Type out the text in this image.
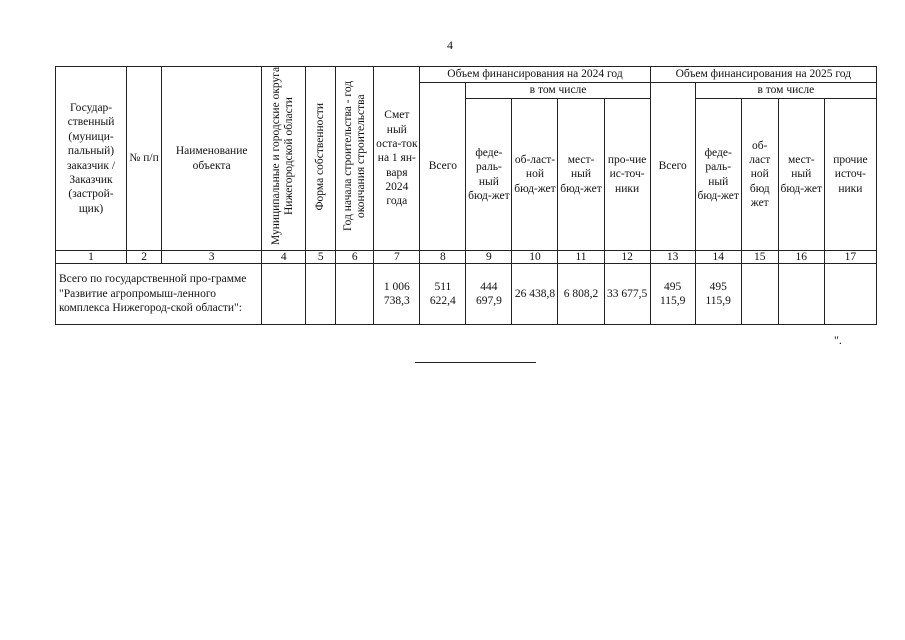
4
Государ-ственный (муници-пальный) заказчик / Заказчик (застрой-щик)	№ п/п	Наименование объекта	Муниципальные и городские округа Нижегородской области	Форма собственности	Год начала строительства - год окончания строительства	Смет ный оста-ток на 1 ян-варя 2024 года	Объем финансирования на 2024 год					Объем финансирования на 2025 год				
							Всего	в том числе				Всего	в том числе			
								феде-раль-ный бюд-жет	об-ласт-ной бюд-жет	мест-ный бюд-жет	про-чие ис-точ-ники		феде-раль-ный бюд-жет	об-ласт ной бюд жет	мест-ный бюд-жет	прочие источ-ники
1	2	3	4	5	6	7	8	9	10	11	12	13	14	15	16	17
Всего по государственной про-грамме "Развитие агропромыш-ленного комплекса Нижегород-ской области":						1 006 738,3	511 622,4	444 697,9	26 438,8	6 808,2	33 677,5	495 115,9	495 115,9			
".
